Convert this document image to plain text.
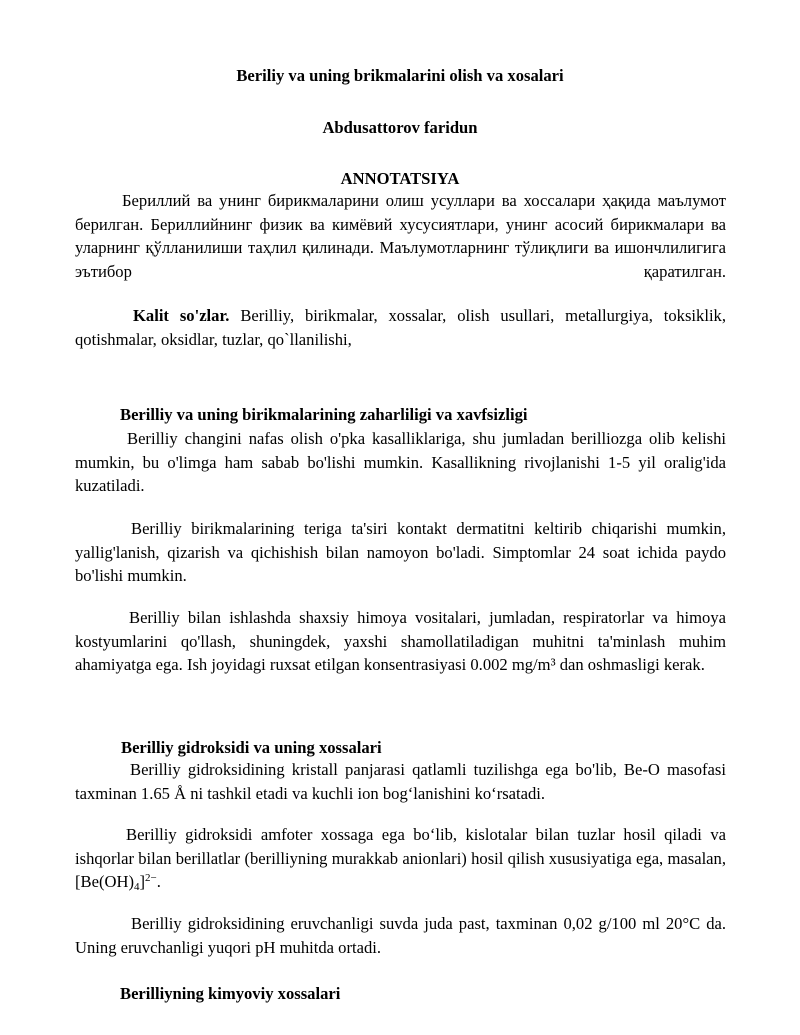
Beriliy va uning brikmalarini olish va xosalari
Abdusattorov faridun
ANNOTATSIYA
Бериллий ва унинг бирикмаларини олиш усуллари ва хоссалари ҳақида маълумот берилган. Бериллийнинг физик ва кимёвий хусусиятлари, унинг асосий бирикмалари ва уларнинг қўлланилиши таҳлил қилинади. Маълумотларнинг тўлиқлиги ва ишончлилигига эътибор қаратилган.
Kalit so'zlar. Berilliy, birikmalar, xossalar, olish usullari, metallurgiya, toksiklik, qotishmalar, oksidlar, tuzlar, qo`llanilishi,
Berilliy va uning birikmalarining zaharliligi va xavfsizligi
Berilliy changini nafas olish o'pka kasalliklariga, shu jumladan berilliozga olib kelishi mumkin, bu o'limga ham sabab bo'lishi mumkin. Kasallikning rivojlanishi 1-5 yil oralig'ida kuzatiladi.
Berilliy birikmalarining teriga ta'siri kontakt dermatitni keltirib chiqarishi mumkin, yallig'lanish, qizarish va qichishish bilan namoyon bo'ladi. Simptomlar 24 soat ichida paydo bo'lishi mumkin.
Berilliy bilan ishlashda shaxsiy himoya vositalari, jumladan, respiratorlar va himoya kostyumlarini qo'llash, shuningdek, yaxshi shamollatiladigan muhitni ta'minlash muhim ahamiyatga ega. Ish joyidagi ruxsat etilgan konsentrasiyasi 0.002 mg/m³ dan oshmasligi kerak.
Berilliy gidroksidi va uning xossalari
Berilliy gidroksidining kristall panjarasi qatlamli tuzilishga ega bo'lib, Be-O masofasi taxminan 1.65 Å ni tashkil etadi va kuchli ion bog‘lanishini ko‘rsatadi.
Berilliy gidroksidi amfoter xossaga ega bo‘lib, kislotalar bilan tuzlar hosil qiladi va ishqorlar bilan berillatlar (berilliyning murakkab anionlari) hosil qilish xususiyatiga ega, masalan, $[Be(OH)_4]^{2-}$.
Berilliy gidroksidining eruvchanligi suvda juda past, taxminan 0,02 g/100 ml 20°C da. Uning eruvchanligi yuqori pH muhitda ortadi.
Berilliyning kimyoviy xossalari
